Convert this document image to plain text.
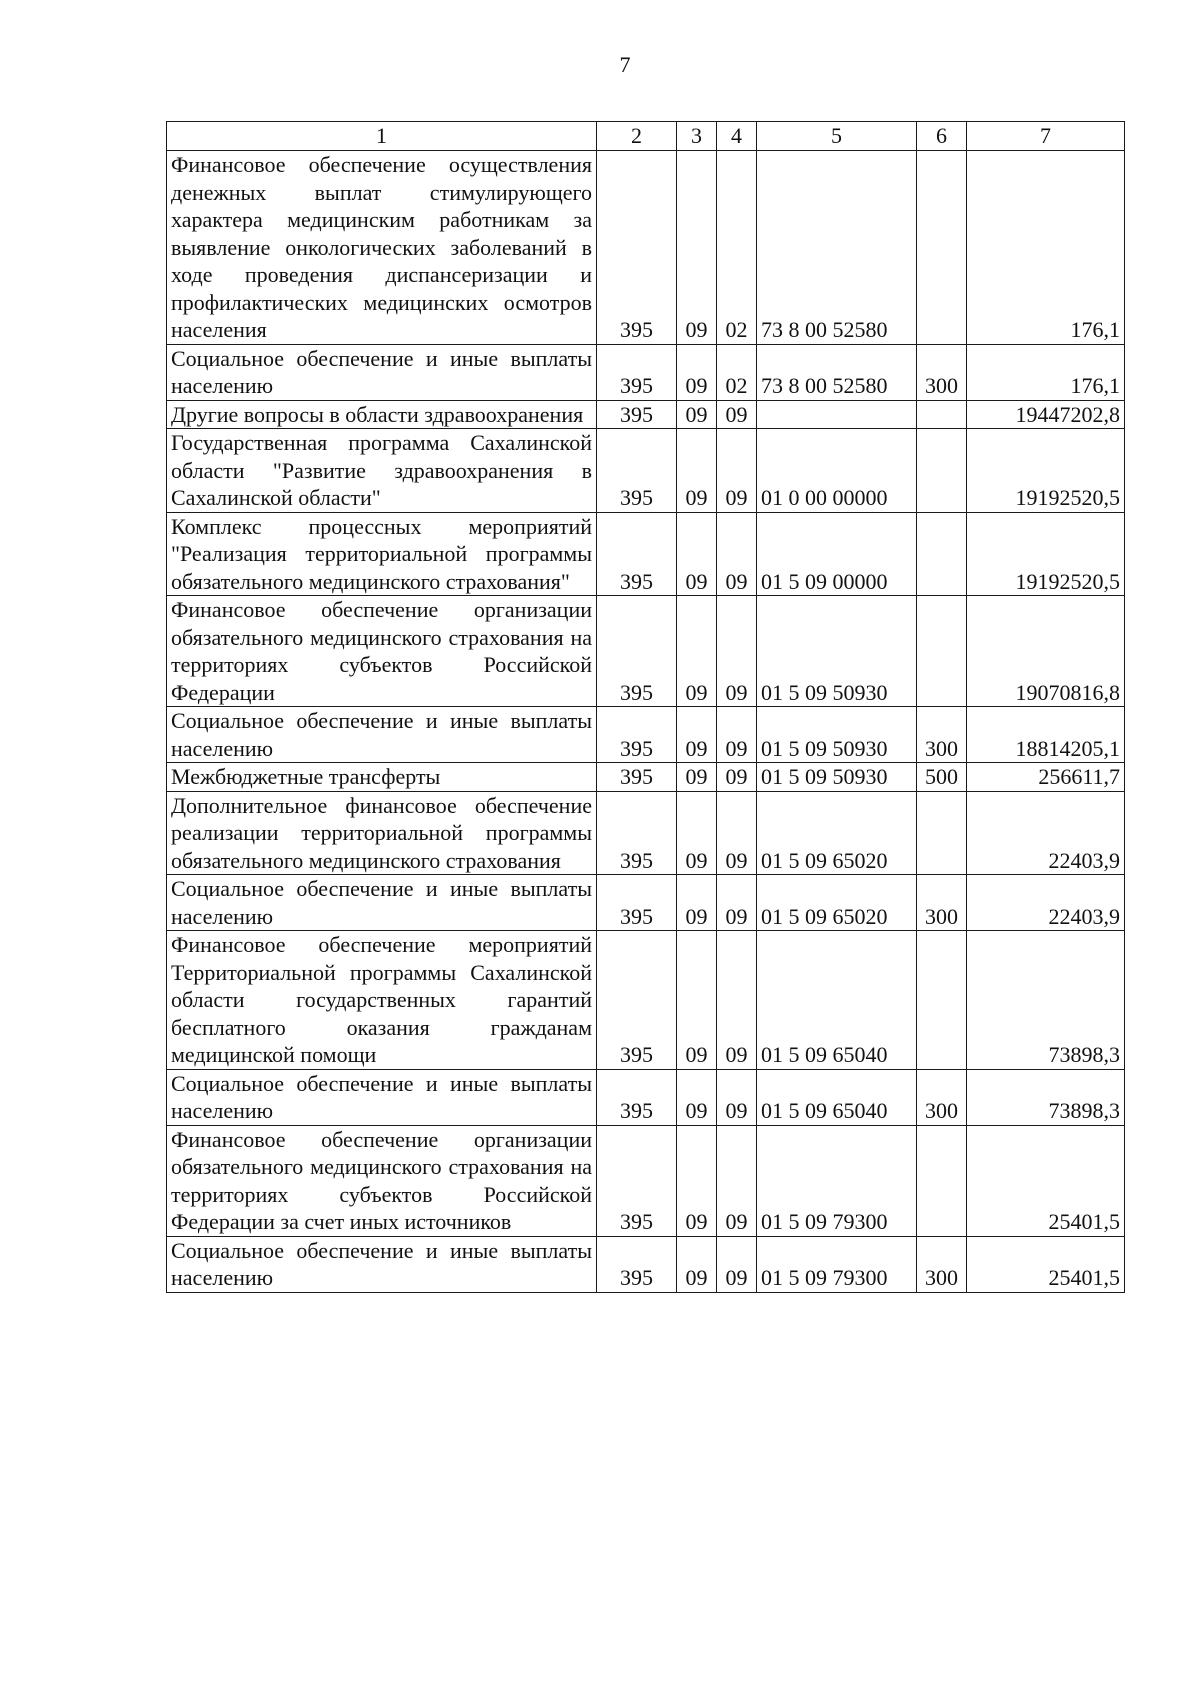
7
1	2	3	4	5	6	7
Финансовое обеспечение осуществления денежных выплат стимулирующего характера медицинским работникам за выявление онкологических заболеваний в ходе проведения диспансеризации и профилактических медицинских осмотров населения	395	09	02	73 8 00 52580		176,1
Социальное обеспечение и иные выплаты населению	395	09	02	73 8 00 52580	300	176,1
Другие вопросы в области здравоохранения	395	09	09			19447202,8
Государственная программа Сахалинской области "Развитие здравоохранения в Сахалинской области"	395	09	09	01 0 00 00000		19192520,5
Комплекс процессных мероприятий "Реализация территориальной программы обязательного медицинского страхования"	395	09	09	01 5 09 00000		19192520,5
Финансовое обеспечение организации обязательного медицинского страхования на территориях субъектов Российской Федерации	395	09	09	01 5 09 50930		19070816,8
Социальное обеспечение и иные выплаты населению	395	09	09	01 5 09 50930	300	18814205,1
Межбюджетные трансферты	395	09	09	01 5 09 50930	500	256611,7
Дополнительное финансовое обеспечение реализации территориальной программы обязательного медицинского страхования	395	09	09	01 5 09 65020		22403,9
Социальное обеспечение и иные выплаты населению	395	09	09	01 5 09 65020	300	22403,9
Финансовое обеспечение мероприятий Территориальной программы Сахалинской области государственных гарантий бесплатного оказания гражданам медицинской помощи	395	09	09	01 5 09 65040		73898,3
Социальное обеспечение и иные выплаты населению	395	09	09	01 5 09 65040	300	73898,3
Финансовое обеспечение организации обязательного медицинского страхования на территориях субъектов Российской Федерации за счет иных источников	395	09	09	01 5 09 79300		25401,5
Социальное обеспечение и иные выплаты населению	395	09	09	01 5 09 79300	300	25401,5
